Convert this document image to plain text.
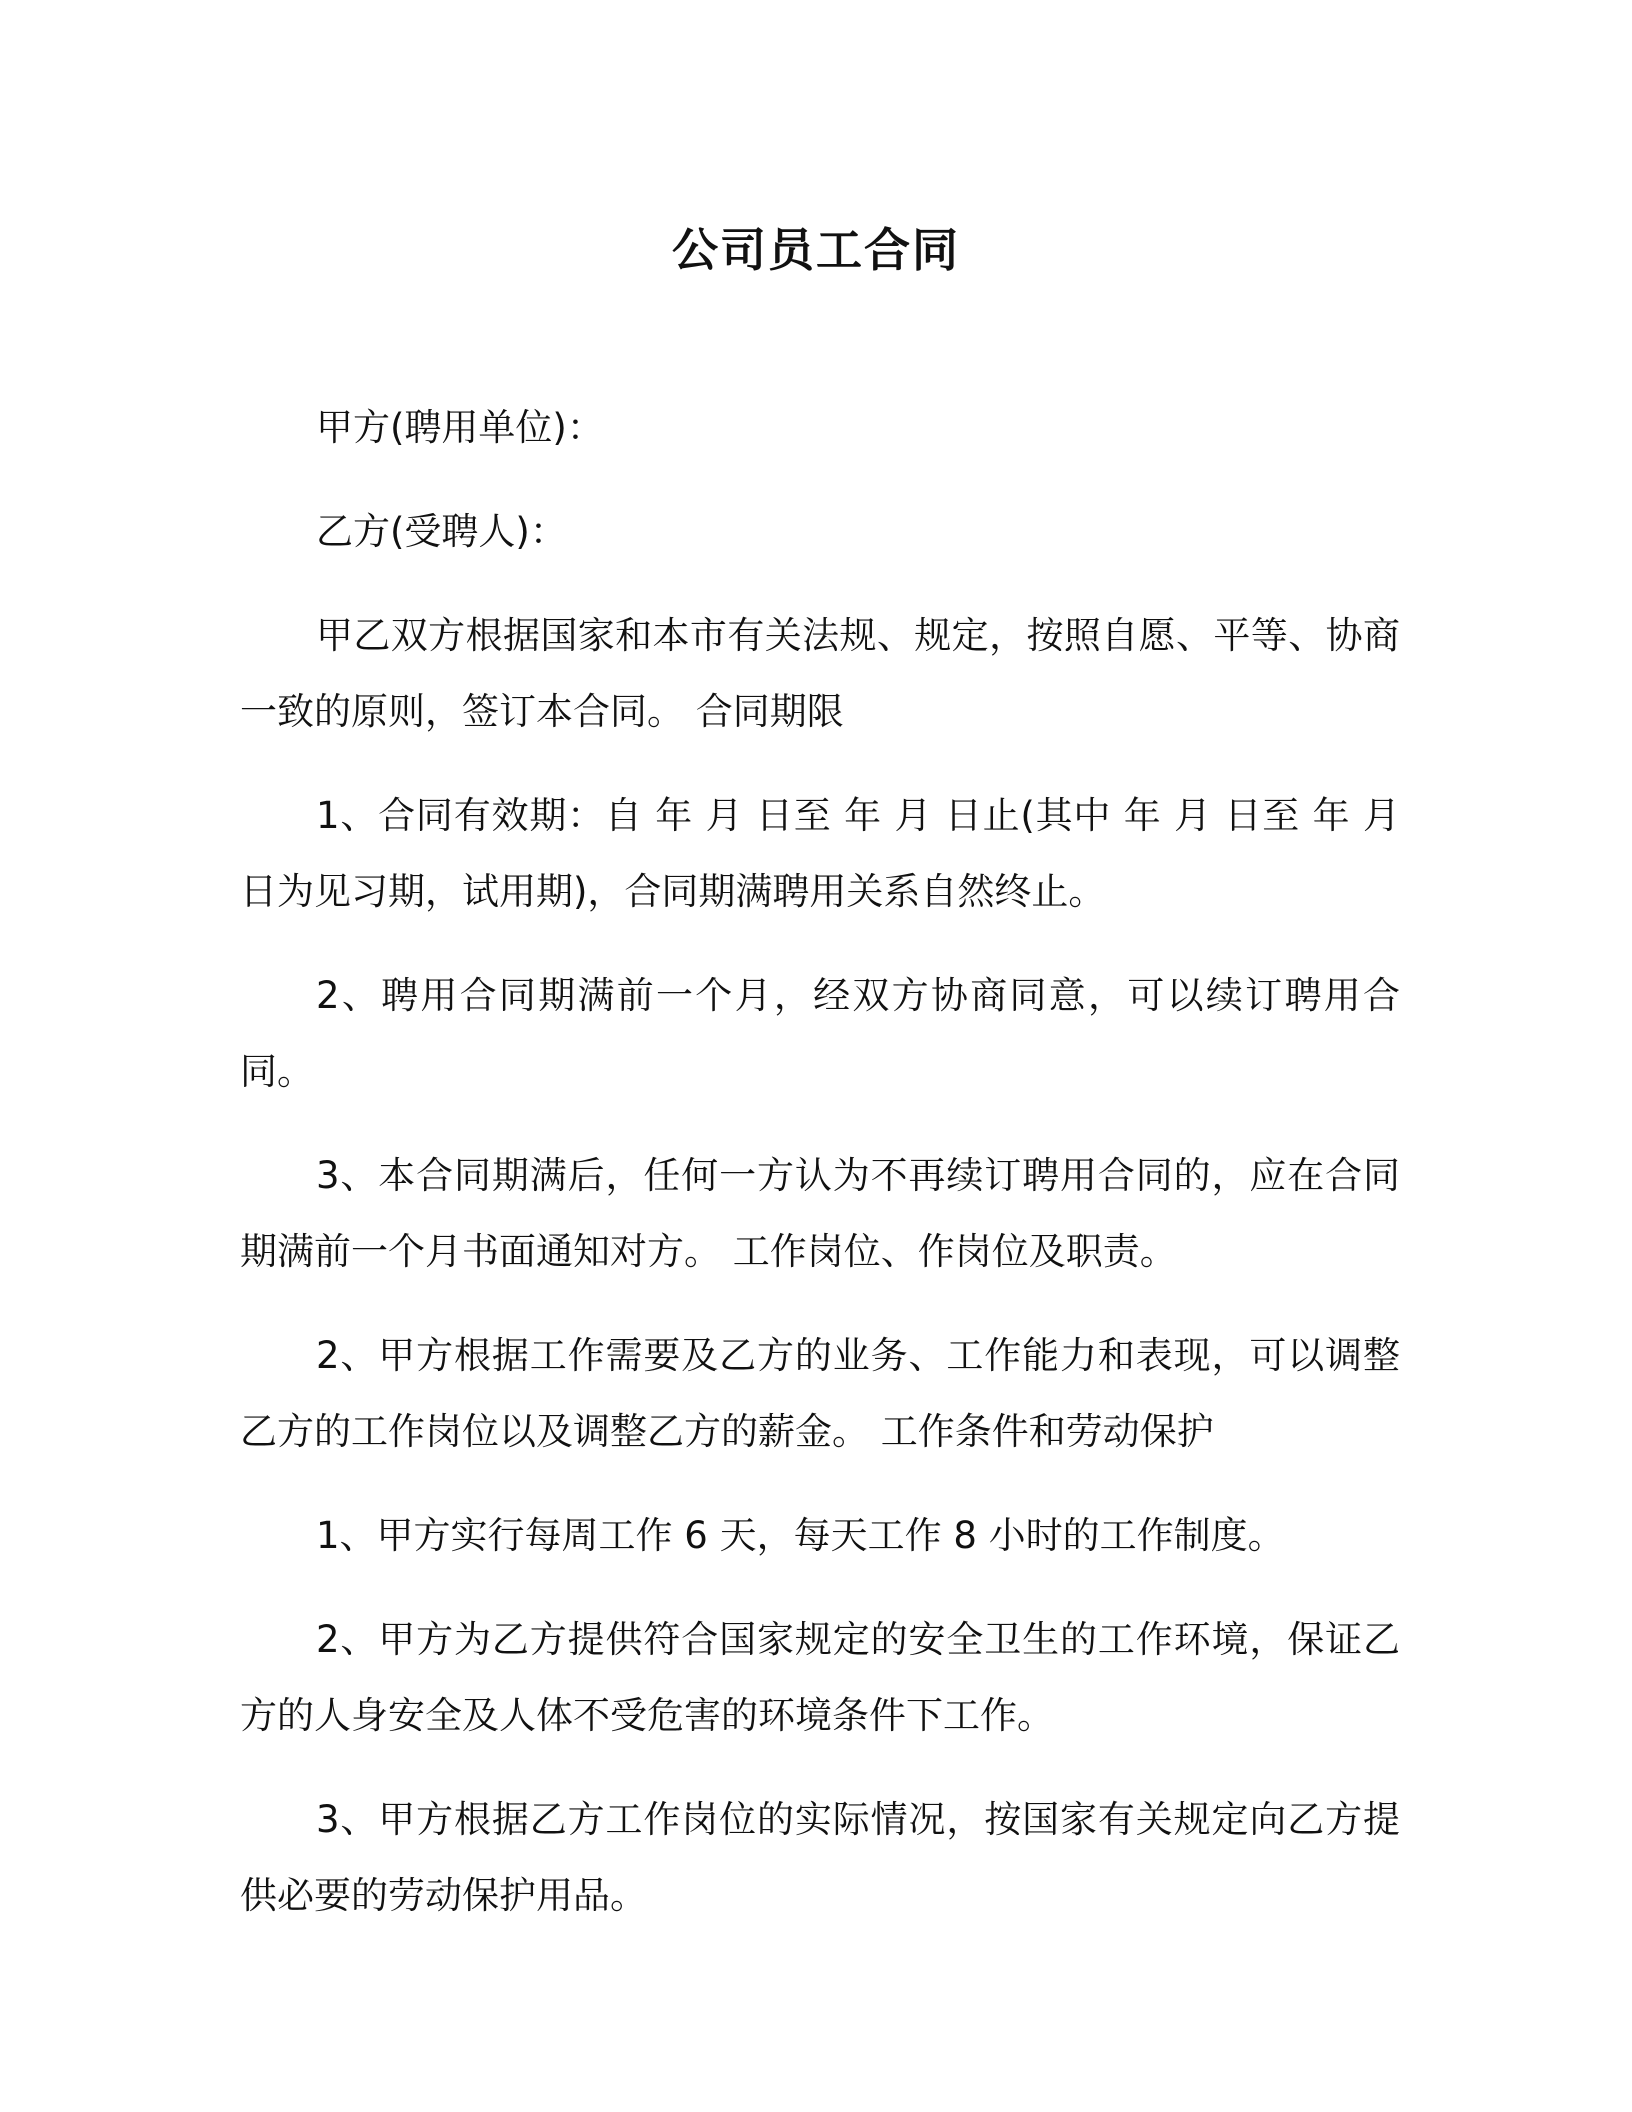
公司员工合同

甲方(聘用单位)：

乙方(受聘人)：

甲乙双方根据国家和本市有关法规、规定，按照自愿、平等、协商一致的原则，签订本合同。 合同期限

1、合同有效期：自 年 月 日至 年 月 日止(其中 年 月 日至 年 月 日为见习期，试用期)，合同期满聘用关系自然终止。

2、聘用合同期满前一个月，经双方协商同意，可以续订聘用合同。

3、本合同期满后，任何一方认为不再续订聘用合同的，应在合同期满前一个月书面通知对方。 工作岗位、作岗位及职责。

2、甲方根据工作需要及乙方的业务、工作能力和表现，可以调整乙方的工作岗位以及调整乙方的薪金。 工作条件和劳动保护

1、甲方实行每周工作 6 天，每天工作 8 小时的工作制度。

2、甲方为乙方提供符合国家规定的安全卫生的工作环境，保证乙方的人身安全及人体不受危害的环境条件下工作。

3、甲方根据乙方工作岗位的实际情况，按国家有关规定向乙方提供必要的劳动保护用品。
